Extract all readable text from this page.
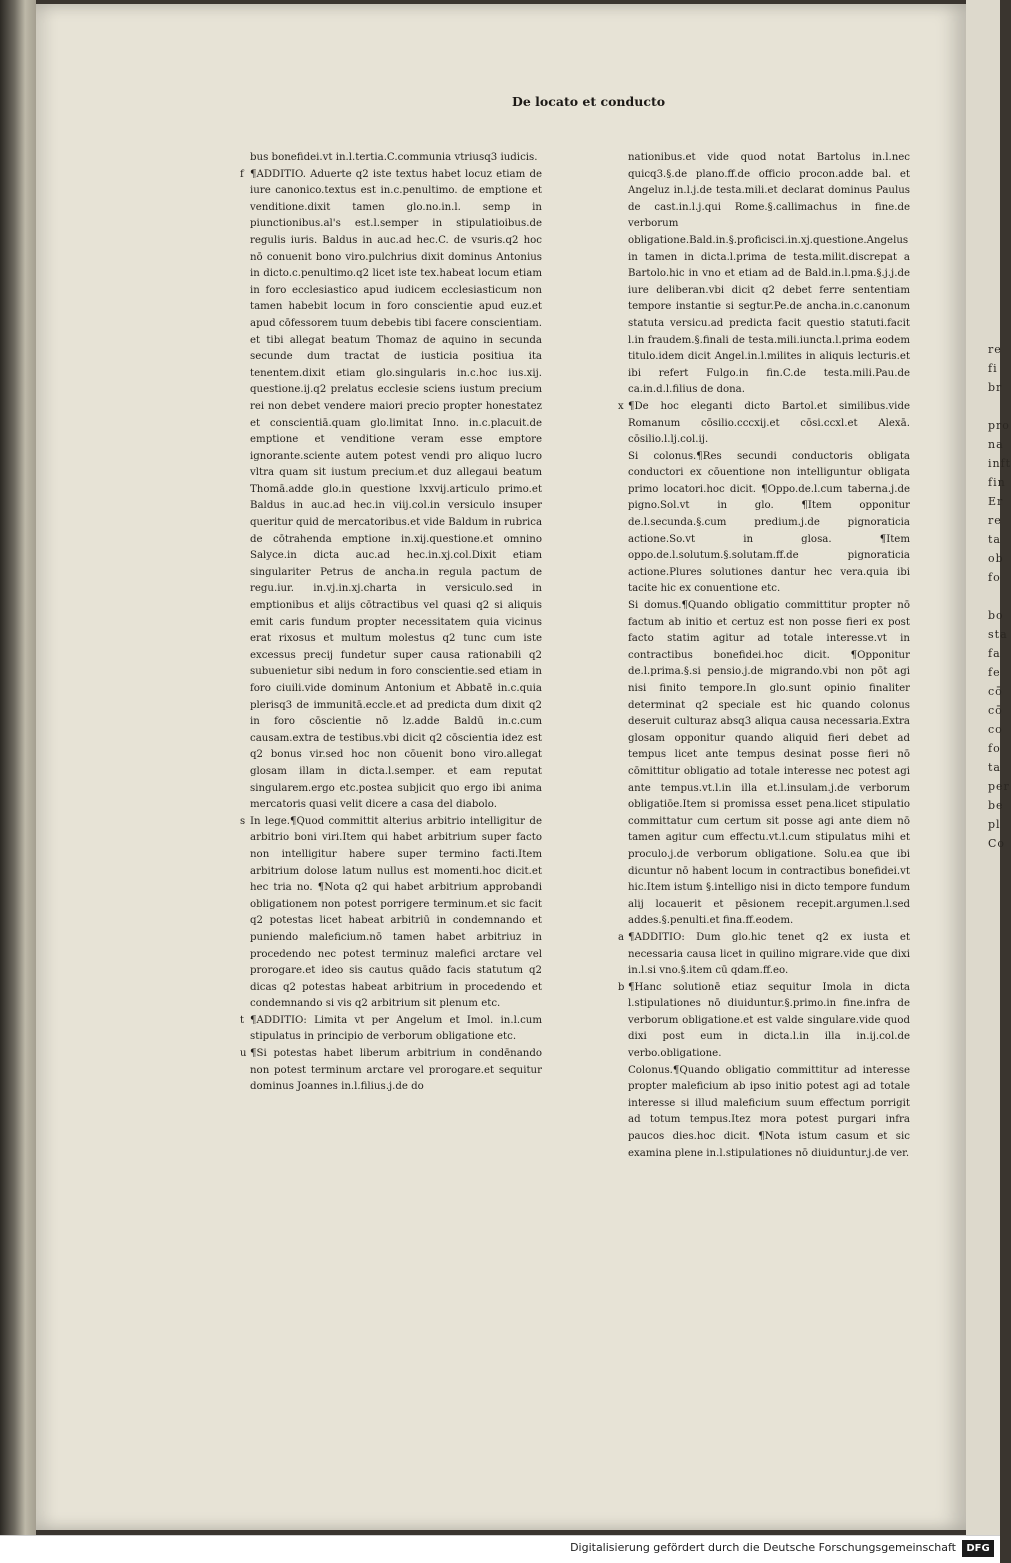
re
fi
br

pro
na
inft
fin
Er
re
ta
ob
fo

bo
sta
fa
fe
cō
cō
co
fo
ta
per
be
pl
Co
De locato et conducto

bus bonefidei.vt in.l.tertia.C.communia vtriusq3 iudicis.

f ¶ADDITIO. Aduerte q2 iste textus habet locuz etiam de iure canonico.textus est in.c.penultimo. de emptione et venditione.dixit tamen glo.no.in.l. semp in piunctionibus.al's est.l.semper in stipulatioibus.de regulis iuris. Baldus in auc.ad hec.C. de vsuris.q2 hoc nō conuenit bono viro.pulchrius dixit dominus Antonius in dicto.c.penultimo.q2 licet iste tex.habeat locum etiam in foro ecclesiastico apud iudicem ecclesiasticum non tamen habebit locum in foro conscientie apud euz.et apud cōfessorem tuum debebis tibi facere conscientiam. et tibi allegat beatum Thomaz de aquino in secunda secunde dum tractat de iusticia positiua ita tenentem.dixit etiam glo.singularis in.c.hoc ius.xij. questione.ij.q2 prelatus ecclesie sciens iustum precium rei non debet vendere maiori precio propter honestatez et conscientiā.quam glo.limitat Inno. in.c.placuit.de emptione et venditione veram esse emptore ignorante.sciente autem potest vendi pro aliquo lucro vltra quam sit iustum precium.et duz allegaui beatum Thomā.adde glo.in questione lxxvij.articulo primo.et Baldus in auc.ad hec.in viij.col.in versiculo insuper queritur quid de mercatoribus.et vide Baldum in rubrica de cōtrahenda emptione in.xij.questione.et omnino Salyce.in dicta auc.ad hec.in.xj.col.Dixit etiam singulariter Petrus de ancha.in regula pactum de regu.iur. in.vj.in.xj.charta in versiculo.sed in emptionibus et alijs cōtractibus vel quasi q2 si aliquis emit caris fundum propter necessitatem quia vicinus erat rixosus et multum molestus q2 tunc cum iste excessus precij fundetur super causa rationabili q2 subuenietur sibi nedum in foro conscientie.sed etiam in foro ciuili.vide dominum Antonium et Abbatē in.c.quia plerisq3 de immunitā.eccle.et ad predicta dum dixit q2 in foro cōscientie nō lz.adde Baldū in.c.cum causam.extra de testibus.vbi dicit q2 cōscientia idez est q2 bonus vir.sed hoc non cōuenit bono viro.allegat glosam illam in dicta.l.semper. et eam reputat singularem.ergo etc.postea subjicit quo ergo ibi anima mercatoris quasi velit dicere a casa del diabolo.

s In lege.¶Quod committit alterius arbitrio intelligitur de arbitrio boni viri.Item qui habet arbitrium super facto non intelligitur habere super termino facti.Item arbitrium dolose latum nullus est momenti.hoc dicit.et hec tria no. ¶Nota q2 qui habet arbitrium approbandi obligationem non potest porrigere terminum.et sic facit q2 potestas licet habeat arbitriū in condemnando et puniendo maleficium.nō tamen habet arbitriuz in procedendo nec potest terminuz malefici arctare vel prorogare.et ideo sis cautus quādo facis statutum q2 dicas q2 potestas habeat arbitrium in procedendo et condemnando si vis q2 arbitrium sit plenum etc.

t ¶ADDITIO: Limita vt per Angelum et Imol. in.l.cum stipulatus in principio de verborum obligatione etc.

u ¶Si potestas habet liberum arbitrium in condēnando non potest terminum arctare vel prorogare.et sequitur dominus Joannes in.l.filius.j.de do

nationibus.et vide quod notat Bartolus in.l.nec quicq3.§.de plano.ff.de officio procon.adde bal. et Angeluz in.l.j.de testa.mili.et declarat dominus Paulus de cast.in.l.j.qui Rome.§.callimachus in fine.de verborum obligatione.Bald.in.§.proficisci.in.xj.questione.Angelus in tamen in dicta.l.prima de testa.milit.discrepat a Bartolo.hic in vno et etiam ad de Bald.in.l.pma.§.j.j.de iure deliberan.vbi dicit q2 debet ferre sententiam tempore instantie si segtur.Pe.de ancha.in.c.canonum statuta versicu.ad predicta facit questio statuti.facit l.in fraudem.§.finali de testa.mili.iuncta.l.prima eodem titulo.idem dicit Angel.in.l.milites in aliquis lecturis.et ibi refert Fulgo.in fin.C.de testa.mili.Pau.de ca.in.d.l.filius de dona.

x ¶De hoc eleganti dicto Bartol.et similibus.vide Romanum cōsilio.cccxij.et cōsi.ccxl.et Alexā. cōsilio.l.lj.col.ij.

Si colonus.¶Res secundi conductoris obligata conductori ex cōuentione non intelliguntur obligata primo locatori.hoc dicit. ¶Oppo.de.l.cum taberna.j.de pigno.Sol.vt in glo. ¶Item opponitur de.l.secunda.§.cum predium.j.de pignoraticia actione.So.vt in glosa. ¶Item oppo.de.l.solutum.§.solutam.ff.de pignoraticia actione.Plures solutiones dantur hec vera.quia ibi tacite hic ex conuentione etc.

Si domus.¶Quando obligatio committitur propter nō factum ab initio et certuz est non posse fieri ex post facto statim agitur ad totale interesse.vt in contractibus bonefidei.hoc dicit. ¶Opponitur de.l.prima.§.si pensio.j.de migrando.vbi non pōt agi nisi finito tempore.In glo.sunt opinio finaliter determinat q2 speciale est hic quando colonus deseruit culturaz absq3 aliqua causa necessaria.Extra glosam opponitur quando aliquid fieri debet ad tempus licet ante tempus desinat posse fieri nō cōmittitur obligatio ad totale interesse nec potest agi ante tempus.vt.l.in illa et.l.insulam.j.de verborum obligatiōe.Item si promissa esset pena.licet stipulatio committatur cum certum sit posse agi ante diem nō tamen agitur cum effectu.vt.l.cum stipulatus mihi et proculo.j.de verborum obligatione. Solu.ea que ibi dicuntur nō habent locum in contractibus bonefidei.vt hic.Item istum §.intelligo nisi in dicto tempore fundum alij locauerit et pēsionem recepit.argumen.l.sed addes.§.penulti.et fina.ff.eodem.

a ¶ADDITIO: Dum glo.hic tenet q2 ex iusta et necessaria causa licet in quilino migrare.vide que dixi in.l.si vno.§.item cū qdam.ff.eo.

b ¶Hanc solutionē etiaz sequitur Imola in dicta l.stipulationes nō diuiduntur.§.primo.in fine.infra de verborum obligatione.et est valde singulare.vide quod dixi post eum in dicta.l.in illa in.ij.col.de verbo.obligatione.

Colonus.¶Quando obligatio committitur ad interesse propter maleficium ab ipso initio potest agi ad totale interesse si illud maleficium suum effectum porrigit ad totum tempus.Itez mora potest purgari infra paucos dies.hoc dicit. ¶Nota istum casum et sic examina plene in.l.stipulationes nō diuiduntur.j.de ver.

Digitalisierung gefördert durch die Deutsche Forschungsgemeinschaft	DFG
